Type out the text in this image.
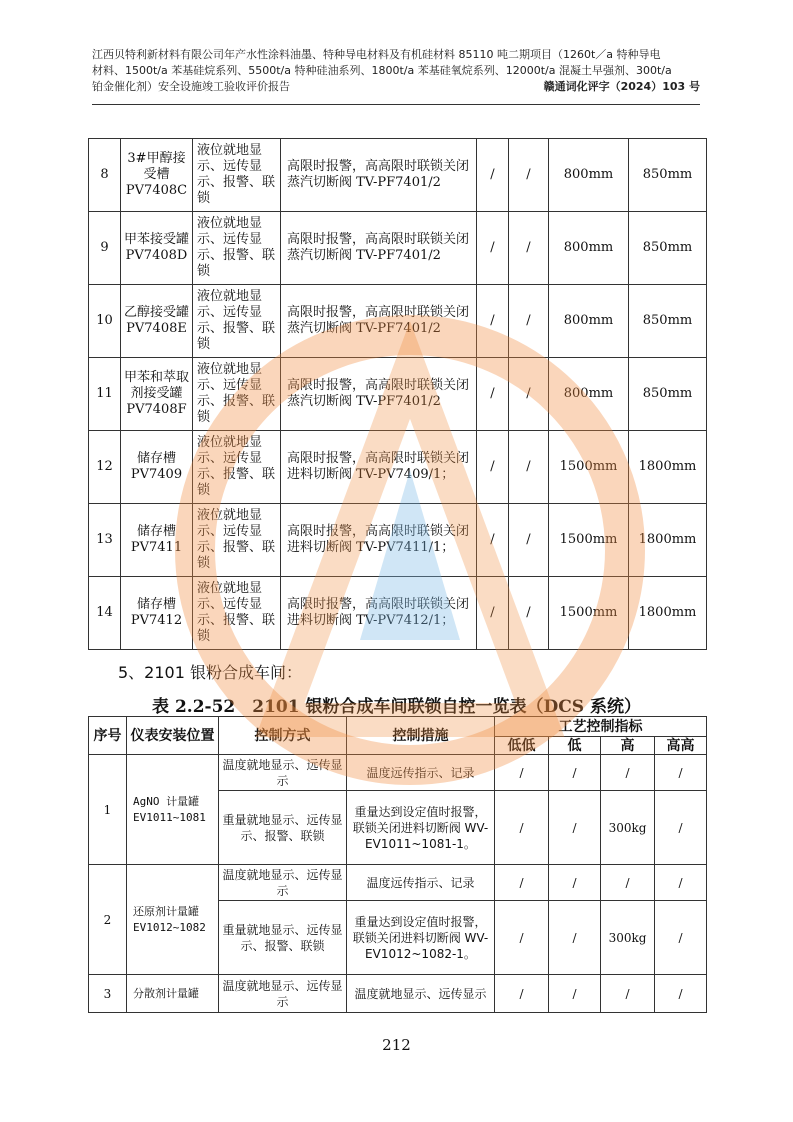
江西贝特利新材料有限公司年产水性涂料油墨、特种导电材料及有机硅材料 85110 吨二期项目（1260t／a 特种导电
材料、1500t/a 苯基硅烷系列、5500t/a 特种硅油系列、1800t/a 苯基硅氧烷系列、12000t/a 混凝土早强剂、300t/a
铂金催化剂）安全设施竣工验收评价报告	赣通词化评字（2024）103 号
8	3#甲醇接受槽 PV7408C	液位就地显示、远传显示、报警、联锁	高限时报警，高高限时联锁关闭蒸汽切断阀 TV-PF7401/2	/	/	800mm	850mm
9	甲苯接受罐 PV7408D	液位就地显示、远传显示、报警、联锁	高限时报警，高高限时联锁关闭蒸汽切断阀 TV-PF7401/2	/	/	800mm	850mm
10	乙醇接受罐 PV7408E	液位就地显示、远传显示、报警、联锁	高限时报警，高高限时联锁关闭蒸汽切断阀 TV-PF7401/2	/	/	800mm	850mm
11	甲苯和萃取剂接受罐 PV7408F	液位就地显示、远传显示、报警、联锁	高限时报警，高高限时联锁关闭蒸汽切断阀 TV-PF7401/2	/	/	800mm	850mm
12	储存槽 PV7409	液位就地显示、远传显示、报警、联锁	高限时报警，高高限时联锁关闭进料切断阀 TV-PV7409/1；	/	/	1500mm	1800mm
13	储存槽 PV7411	液位就地显示、远传显示、报警、联锁	高限时报警，高高限时联锁关闭进料切断阀 TV-PV7411/1；	/	/	1500mm	1800mm
14	储存槽 PV7412	液位就地显示、远传显示、报警、联锁	高限时报警，高高限时联锁关闭进料切断阀 TV-PV7412/1；	/	/	1500mm	1800mm
5、2101 银粉合成车间：
表 2.2-52　2101 银粉合成车间联锁自控一览表（DCS 系统）
序号	仪表安装位置	控制方式	控制措施	工艺控制指标			
				低低	低	高	高高
1	AgNO 计量罐 EV1011~1081	温度就地显示、远传显示	温度远传指示、记录	/	/	/	/
		重量就地显示、远传显示、报警、联锁	重量达到设定值时报警，联锁关闭进料切断阀 WV-EV1011~1081-1。	/	/	300kg	/
2	还原剂计量罐 EV1012~1082	温度就地显示、远传显示	温度远传指示、记录	/	/	/	/
		重量就地显示、远传显示、报警、联锁	重量达到设定值时报警，联锁关闭进料切断阀 WV-EV1012~1082-1。	/	/	300kg	/
3	分散剂计量罐	温度就地显示、远传显示	温度就地显示、远传显示	/	/	/	/
212
